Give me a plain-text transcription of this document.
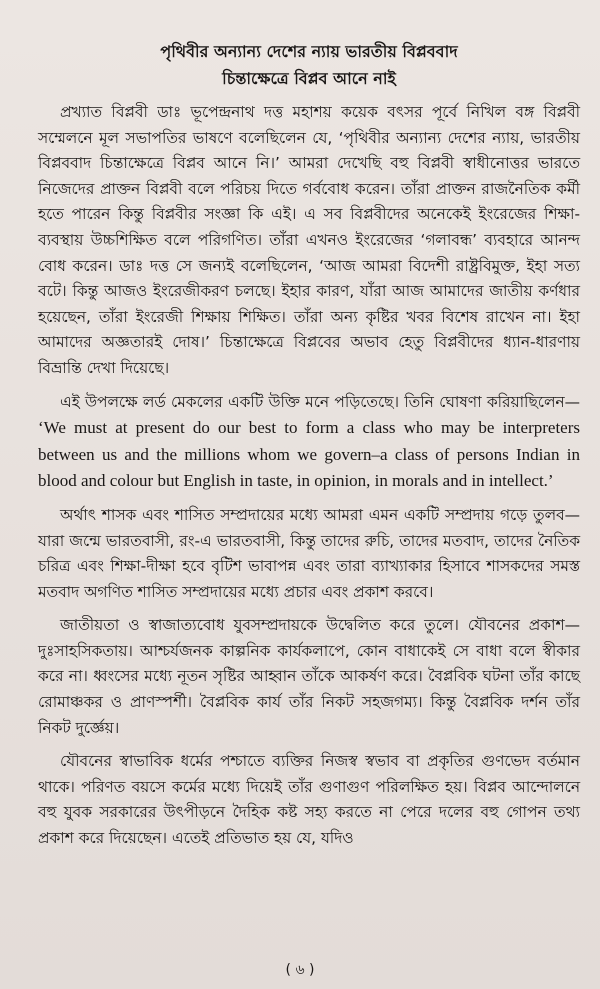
পৃথিবীর অন্যান্য দেশের ন্যায় ভারতীয় বিপ্লববাদ
চিন্তাক্ষেত্রে বিপ্লব আনে নাই

প্রখ্যাত বিপ্লবী ডাঃ ভূপেন্দ্রনাথ দত্ত মহাশয় কয়েক বৎসর পূর্বে নিখিল বঙ্গ বিপ্লবী সম্মেলনে মূল সভাপতির ভাষণে বলেছিলেন যে, ‘পৃথিবীর অন্যান্য দেশের ন্যায়, ভারতীয় বিপ্লববাদ চিন্তাক্ষেত্রে বিপ্লব আনে নি।’ আমরা দেখেছি বহু বিপ্লবী স্বাধীনোত্তর ভারতে নিজেদের প্রাক্তন বিপ্লবী বলে পরিচয় দিতে গর্ববোধ করেন। তাঁরা প্রাক্তন রাজনৈতিক কর্মী হতে পারেন কিন্তু বিপ্লবীর সংজ্ঞা কি এই। এ সব বিপ্লবীদের অনেকেই ইংরেজের শিক্ষা-ব্যবস্থায় উচ্চশিক্ষিত বলে পরিগণিত। তাঁরা এখনও ইংরেজের ‘গলাবন্ধ’ ব্যবহারে আনন্দ বোধ করেন। ডাঃ দত্ত সে জন্যই বলেছিলেন, ‘আজ আমরা বিদেশী রাষ্ট্রবিমুক্ত, ইহা সত্য বটে। কিন্তু আজও ইংরেজীকরণ চলছে। ইহার কারণ, যাঁরা আজ আমাদের জাতীয় কর্ণধার হয়েছেন, তাঁরা ইংরেজী শিক্ষায় শিক্ষিত। তাঁরা অন্য কৃষ্টির খবর বিশেষ রাখেন না। ইহা আমাদের অজ্ঞতারই দোষ।’ চিন্তাক্ষেত্রে বিপ্লবের অভাব হেতু বিপ্লবীদের ধ্যান-ধারণায় বিভ্রান্তি দেখা দিয়েছে।

এই উপলক্ষে লর্ড মেকলের একটি উক্তি মনে পড়িতেছে। তিনি ঘোষণা করিয়াছিলেন— ‘We must at present do our best to form a class who may be interpreters between us and the millions whom we govern–a class of persons Indian in blood and colour but English in taste, in opinion, in morals and in intellect.’

অর্থাৎ শাসক এবং শাসিত সম্প্রদায়ের মধ্যে আমরা এমন একটি সম্প্রদায় গড়ে তুলব—যারা জন্মে ভারতবাসী, রং-এ ভারতবাসী, কিন্তু তাদের রুচি, তাদের মতবাদ, তাদের নৈতিক চরিত্র এবং শিক্ষা-দীক্ষা হবে বৃটিশ ভাবাপন্ন এবং তারা ব্যাখ্যাকার হিসাবে শাসকদের সমস্ত মতবাদ অগণিত শাসিত সম্প্রদায়ের মধ্যে প্রচার এবং প্রকাশ করবে।

জাতীয়তা ও স্বাজাত্যবোধ যুবসম্প্রদায়কে উদ্বেলিত করে তুলে। যৌবনের প্রকাশ—দুঃসাহসিকতায়। আশ্চর্যজনক কাল্পনিক কার্যকলাপে, কোন বাধাকেই সে বাধা বলে স্বীকার করে না। ধ্বংসের মধ্যে নূতন সৃষ্টির আহ্বান তাঁকে আকর্ষণ করে। বৈপ্লবিক ঘটনা তাঁর কাছে রোমাঞ্চকর ও প্রাণস্পর্শী। বৈপ্লবিক কার্য তাঁর নিকট সহজগম্য। কিন্তু বৈপ্লবিক দর্শন তাঁর নিকট দুর্জ্ঞেয়।

যৌবনের স্বাভাবিক ধর্মের পশ্চাতে ব্যক্তির নিজস্ব স্বভাব বা প্রকৃতির গুণভেদ বর্তমান থাকে। পরিণত বয়সে কর্মের মধ্যে দিয়েই তাঁর গুণাগুণ পরিলক্ষিত হয়। বিপ্লব আন্দোলনে বহু যুবক সরকারের উৎপীড়নে দৈহিক কষ্ট সহ্য করতে না পেরে দলের বহু গোপন তথ্য প্রকাশ করে দিয়েছেন। এতেই প্রতিভাত হয় যে, যদিও

( ৬ )
